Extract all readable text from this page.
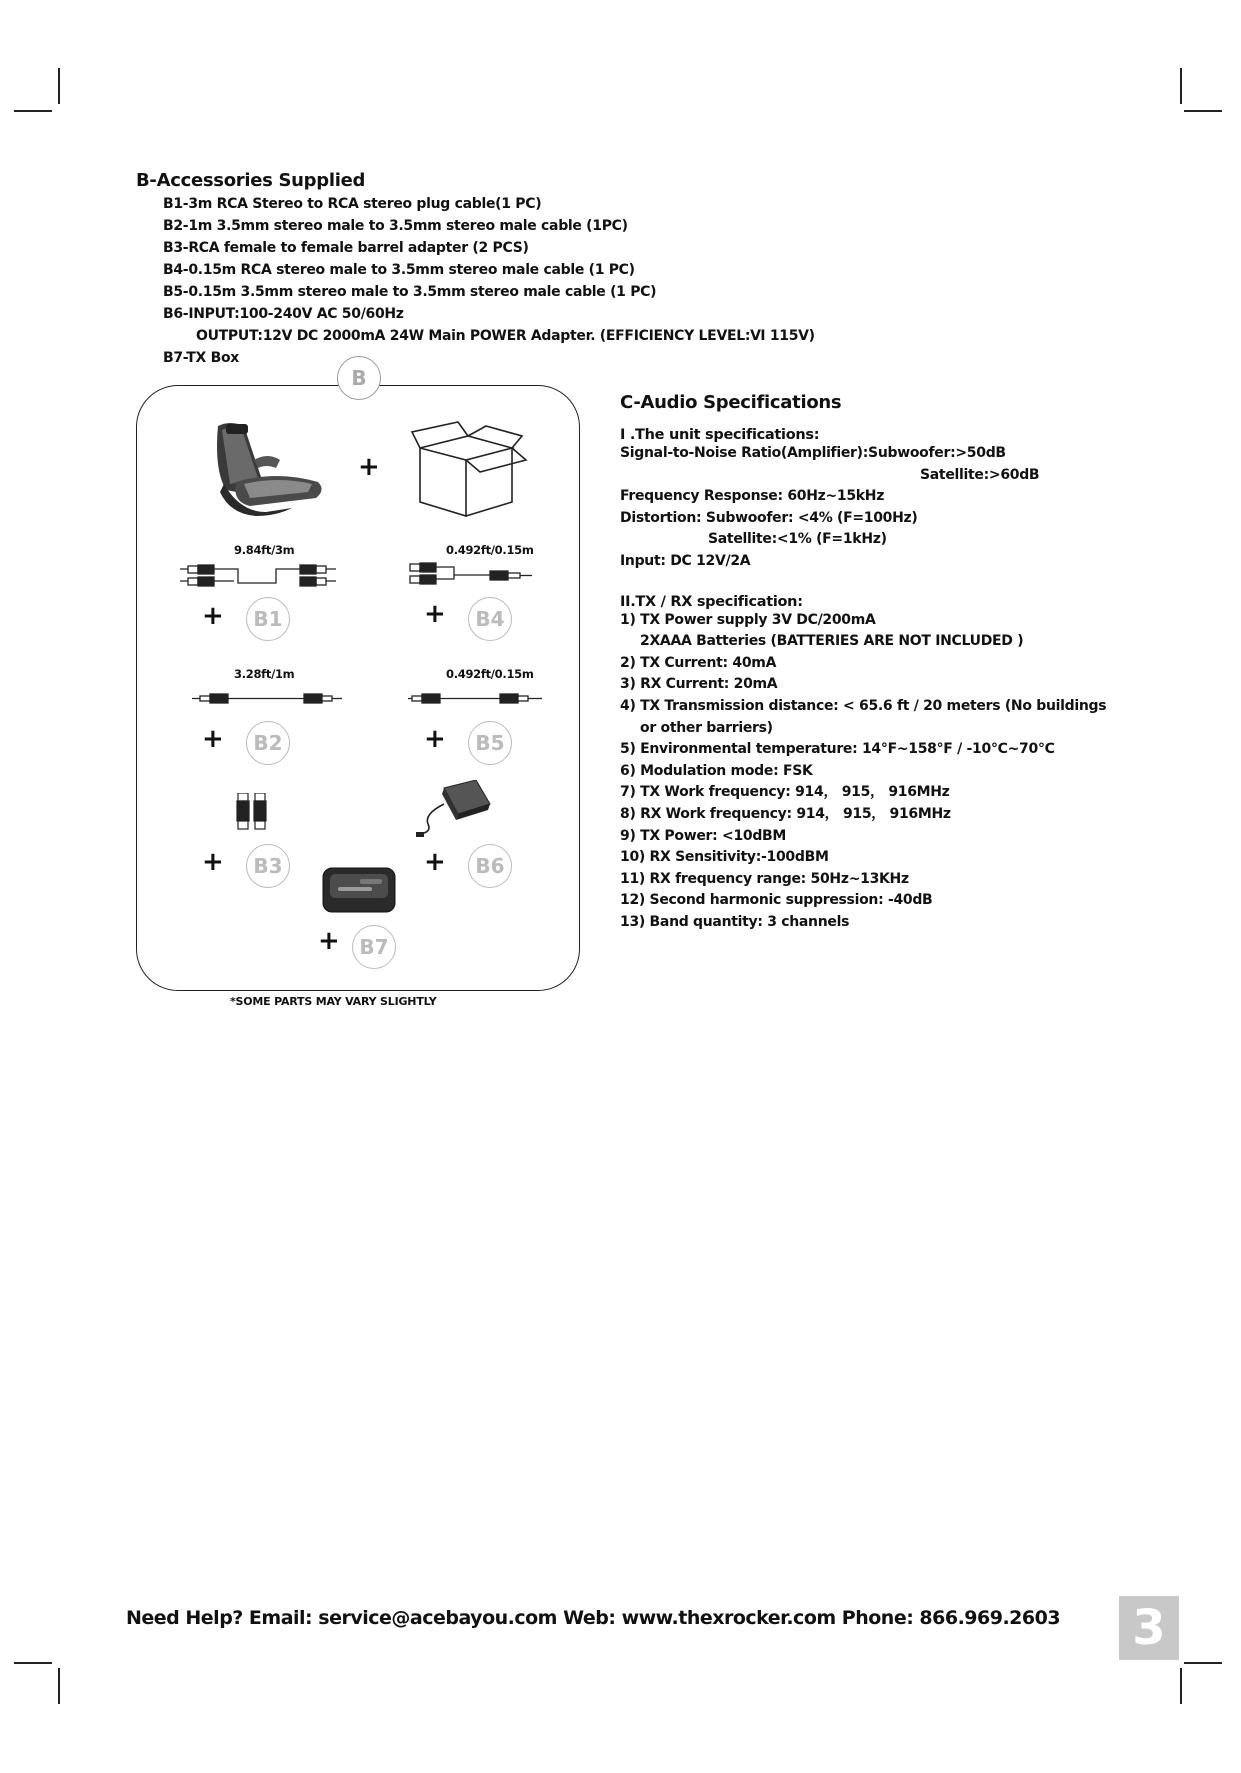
B-Accessories Supplied
B1-3m RCA Stereo to RCA stereo plug cable(1 PC)
B2-1m 3.5mm stereo male to 3.5mm stereo male cable (1PC)
B3-RCA female to female barrel adapter (2 PCS)
B4-0.15m RCA stereo male to 3.5mm stereo male cable (1 PC)
B5-0.15m 3.5mm stereo male to 3.5mm stereo male cable (1 PC)
B6-INPUT:100-240V AC 50/60Hz
OUTPUT:12V DC 2000mA 24W Main POWER Adapter. (EFFICIENCY LEVEL:Ⅵ 115V)
B7-TX Box
B
+
9.84ft/3m	0.492ft/0.15m
+	B1	+	B4
3.28ft/1m	0.492ft/0.15m
+	B2	+	B5
+	B3	+	B6
+ B7
*SOME PARTS MAY VARY SLIGHTLY
C-Audio Specifications
I .The unit specifications:
Signal-to-Noise Ratio(Amplifier):Subwoofer:>50dB
Satellite:>60dB
Frequency Response: 60Hz~15kHz
Distortion: Subwoofer: <4% (F=100Hz)
Satellite:<1% (F=1kHz)
Input: DC 12V/2A
II.TX / RX specification:
1) TX Power supply 3V DC/200mA
2XAAA Batteries (BATTERIES ARE NOT INCLUDED )
2) TX Current: 40mA
3) RX Current: 20mA
4) TX Transmission distance: < 65.6 ft / 20 meters (No buildings
or other barriers)
5) Environmental temperature: 14°F~158°F / -10℃~70℃
6) Modulation mode: FSK
7) TX Work frequency: 914， 915， 916MHz
8) RX Work frequency: 914， 915， 916MHz
9) TX Power: <10dBM
10) RX Sensitivity:-100dBM
11) RX frequency range: 50Hz~13KHz
12) Second harmonic suppression: -40dB
13) Band quantity: 3 channels
Need Help? Email: service@acebayou.com Web: www.thexrocker.com Phone: 866.969.2603 3
